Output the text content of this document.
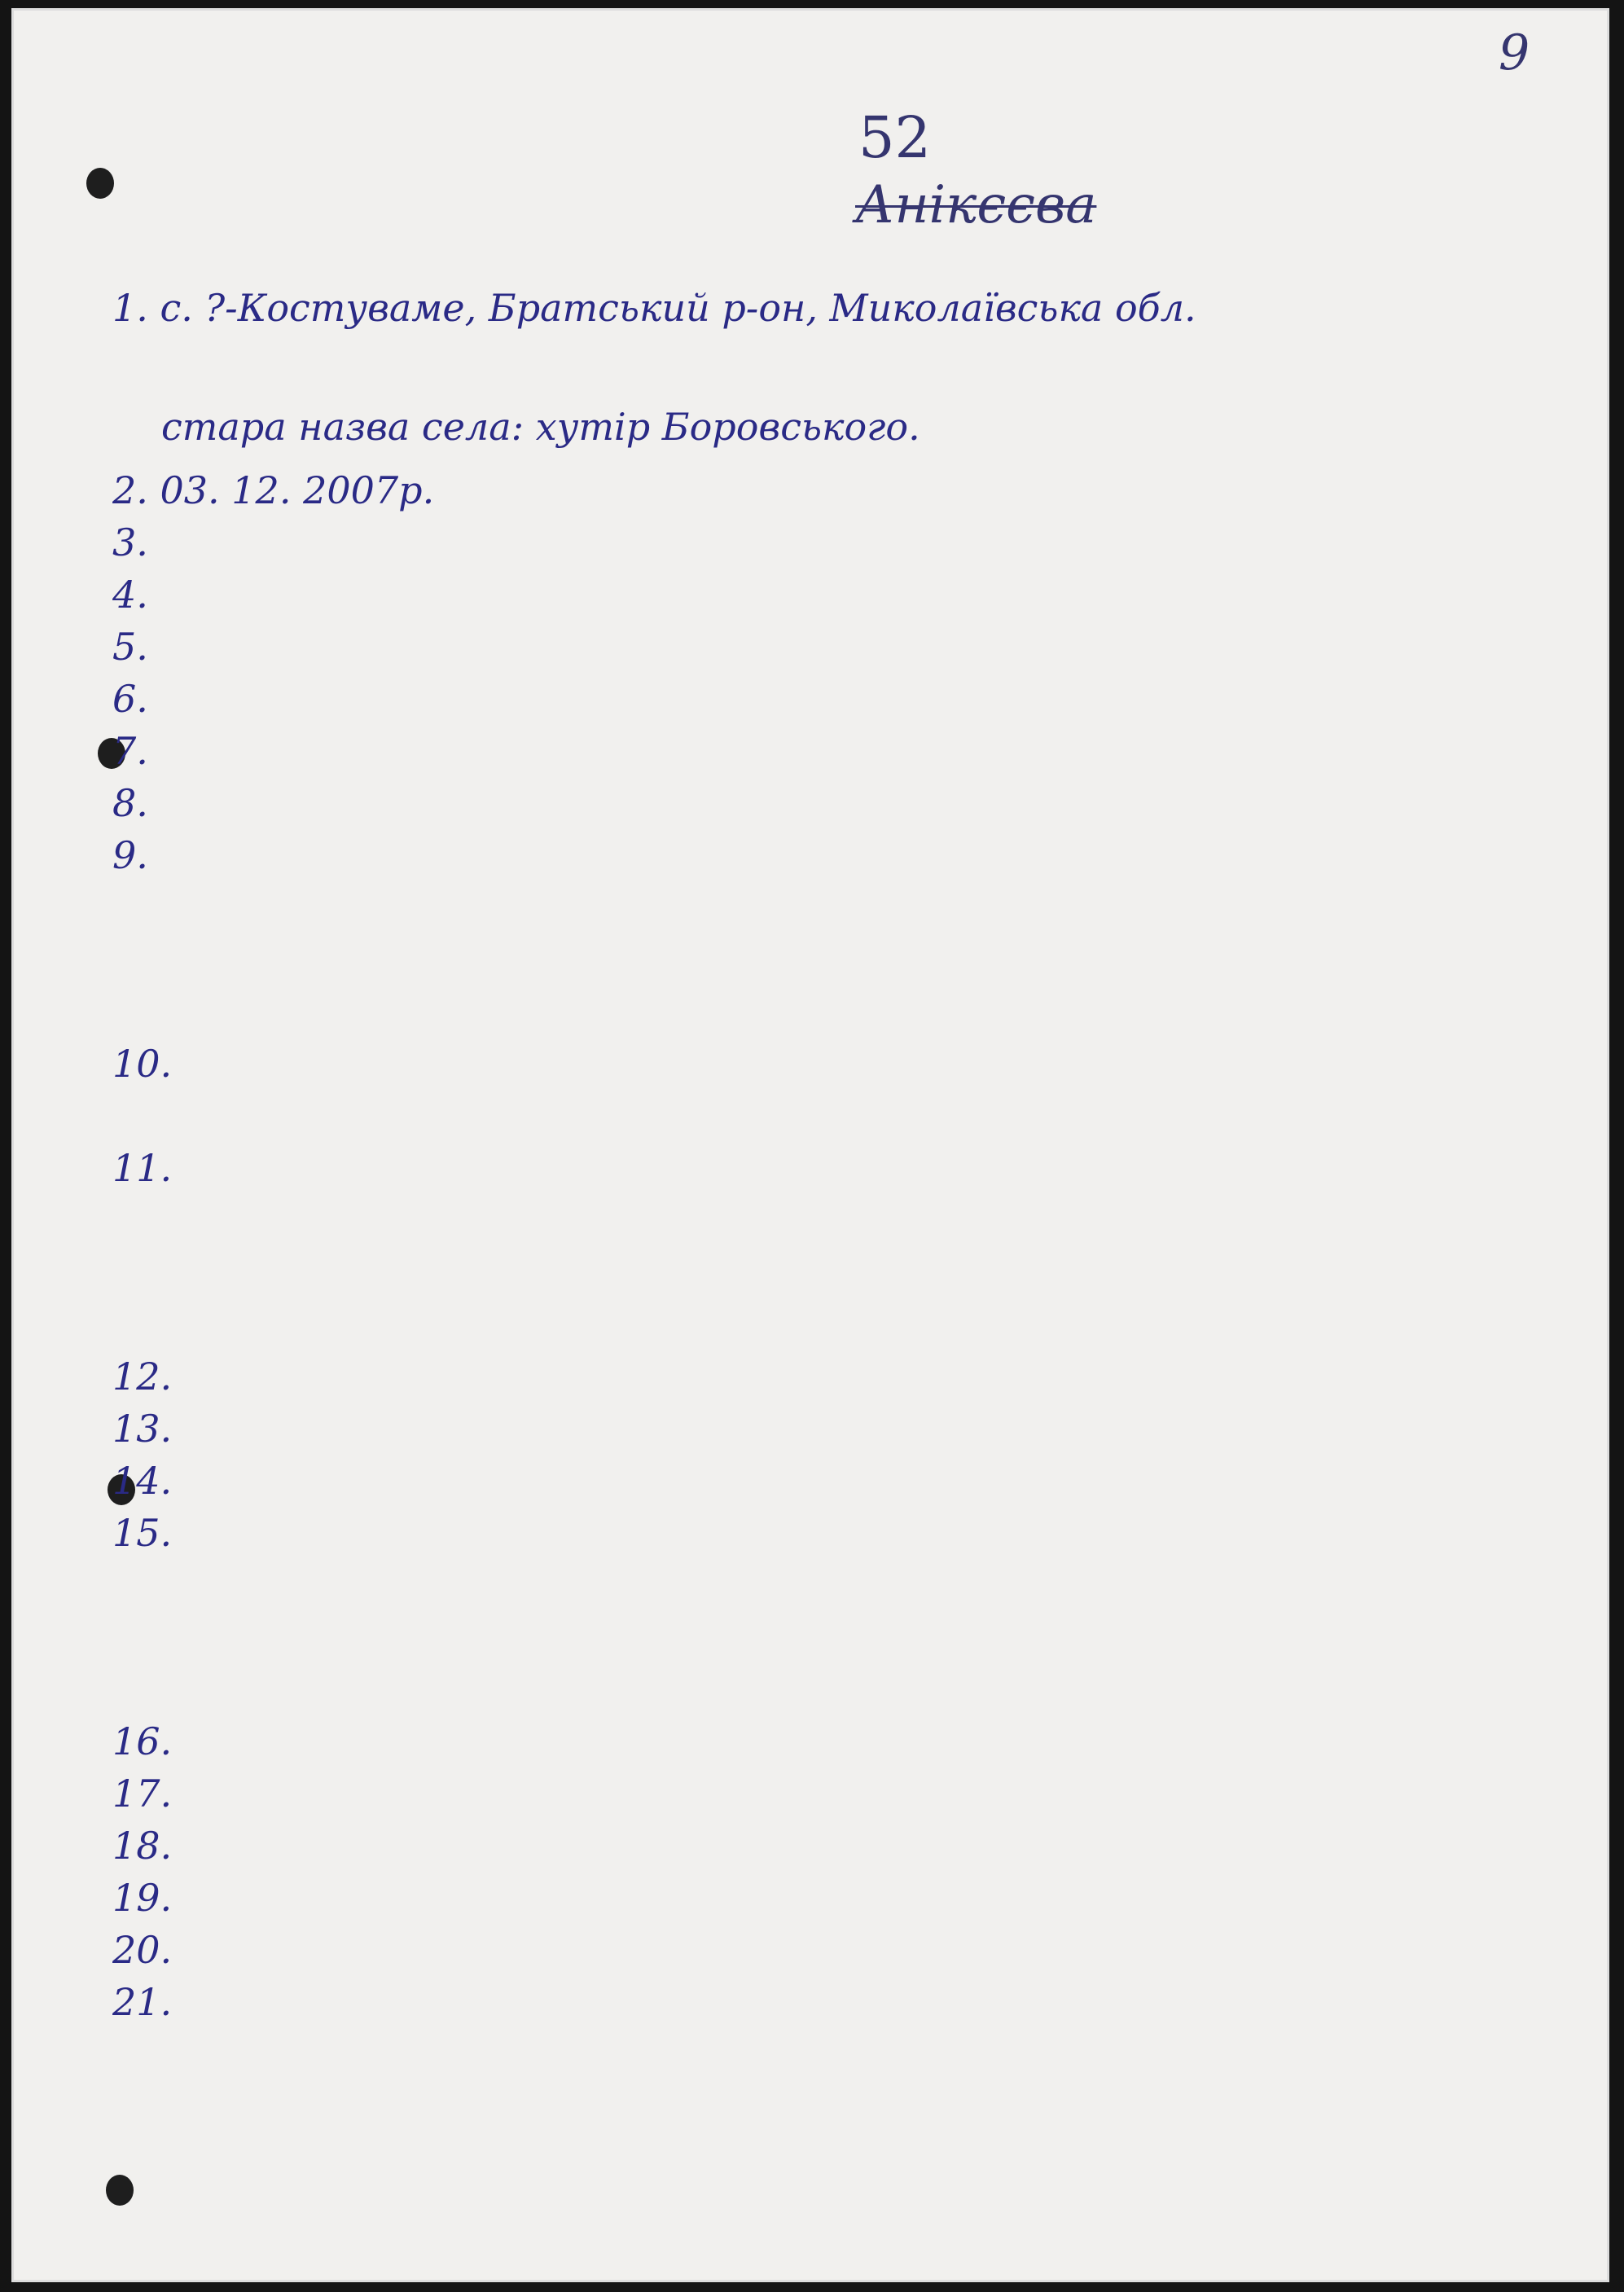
9
52
Анікєєва
1. с. ?-Костуваме, Братський р-он, Миколаївська обл.
стара назва села: хутір Боровського.
2. 03. 12. 2007р.
3.
4.
5.
6.
7.
8.
9.
10.
11.
12.
13.
14.
15.
16.
17.
18.
19.
20.
21.
